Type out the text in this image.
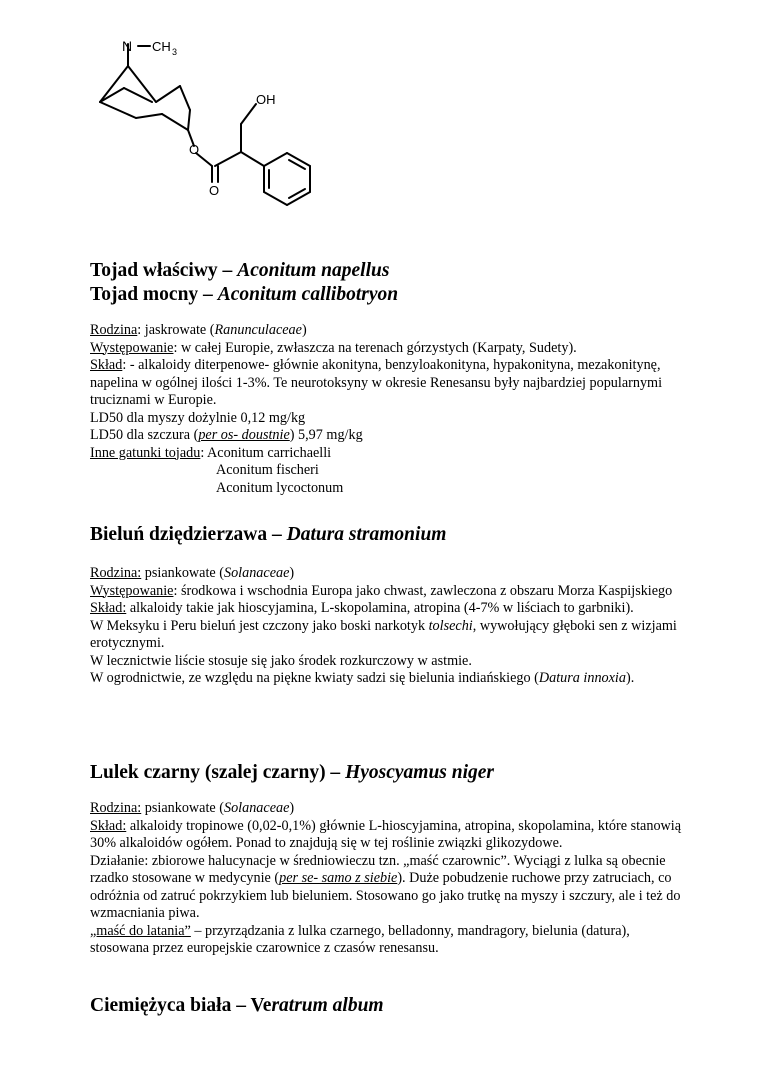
N CH 3
O
O
OH
Tojad właściwy – Aconitum napellus
Tojad mocny – Aconitum callibotryon
Rodzina: jaskrowate (Ranunculaceae)
Występowanie: w całej Europie, zwłaszcza na terenach górzystych (Karpaty, Sudety).
Skład: - alkaloidy diterpenowe- głównie akonityna, benzyloakonityna, hypakonityna, mezakonitynę, napelina w ogólnej ilości 1-3%. Te neurotoksyny w okresie Renesansu były najbardziej popularnymi truciznami w Europie.
LD50 dla myszy dożylnie 0,12 mg/kg
LD50 dla szczura (per os- doustnie) 5,97 mg/kg
Inne gatunki tojadu: Aconitum carrichaelli
Aconitum fischeri
Aconitum lycoctonum
Bieluń dziędzierzawa – Datura stramonium
Rodzina: psiankowate (Solanaceae)
Występowanie: środkowa i wschodnia Europa jako chwast, zawleczona z obszaru Morza Kaspijskiego
Skład: alkaloidy takie jak hioscyjamina, L-skopolamina, atropina (4-7% w liściach to garbniki).
W Meksyku i Peru bieluń jest czczony jako boski narkotyk tolsechi, wywołujący głęboki sen z wizjami erotycznymi.
W lecznictwie liście stosuje się jako środek rozkurczowy w astmie.
W ogrodnictwie, ze względu na piękne kwiaty sadzi się bielunia indiańskiego (Datura innoxia).
Lulek czarny (szalej czarny) – Hyoscyamus niger
Rodzina: psiankowate (Solanaceae)
Skład: alkaloidy tropinowe (0,02-0,1%) głównie L-hioscyjamina, atropina, skopolamina, które stanowią 30% alkaloidów ogółem. Ponad to znajdują się w tej roślinie związki glikozydowe.
Działanie: zbiorowe halucynacje w średniowieczu tzn. „maść czarownic”. Wyciągi z lulka są obecnie rzadko stosowane w medycynie (per se- samo z siebie). Duże pobudzenie ruchowe przy zatruciach, co odróżnia od zatruć pokrzykiem lub bieluniem. Stosowano go jako trutkę na myszy i szczury, ale i też do wzmacniania piwa.
„maść do latania” – przyrządzania z lulka czarnego, belladonny, mandragory, bielunia (datura), stosowana przez europejskie czarownice z czasów renesansu.
Ciemiężyca biała – Veratrum album
